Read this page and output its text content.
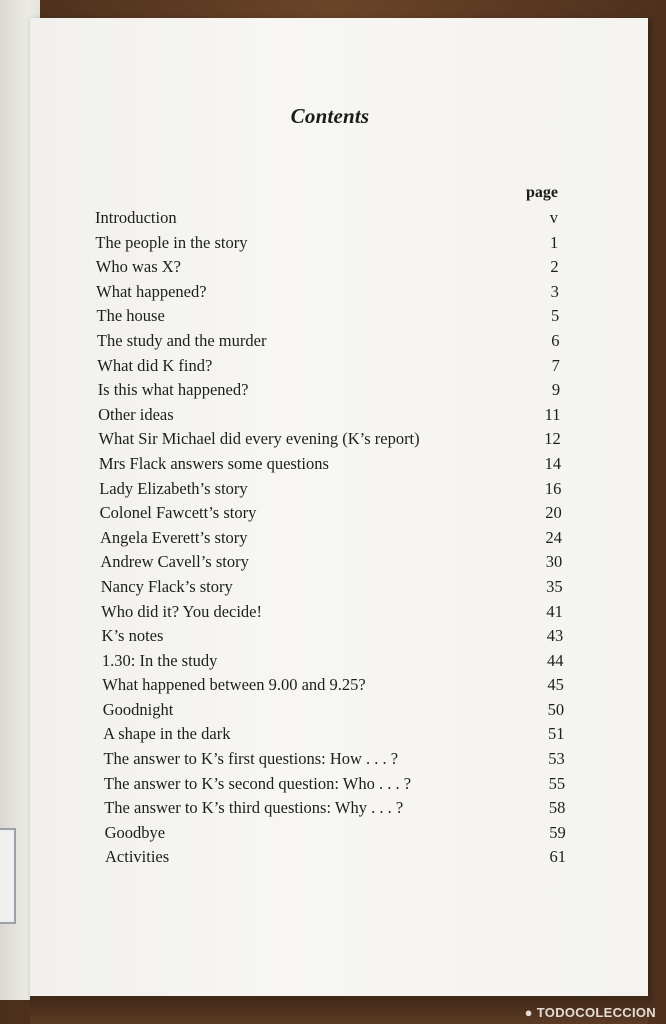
Contents
page
Introduction	v
The people in the story	1
Who was X?	2
What happened?	3
The house	5
The study and the murder	6
What did K find?	7
Is this what happened?	9
Other ideas	11
What Sir Michael did every evening (K’s report)	12
Mrs Flack answers some questions	14
Lady Elizabeth’s story	16
Colonel Fawcett’s story	20
Angela Everett’s story	24
Andrew Cavell’s story	30
Nancy Flack’s story	35
Who did it? You decide!	41
K’s notes	43
1.30: In the study	44
What happened between 9.00 and 9.25?	45
Goodnight	50
A shape in the dark	51
The answer to K’s first questions: How . . . ?	53
The answer to K’s second question: Who . . . ?	55
The answer to K’s third questions: Why . . . ?	58
Goodbye	59
Activities	61
● TODOCOLECCION
